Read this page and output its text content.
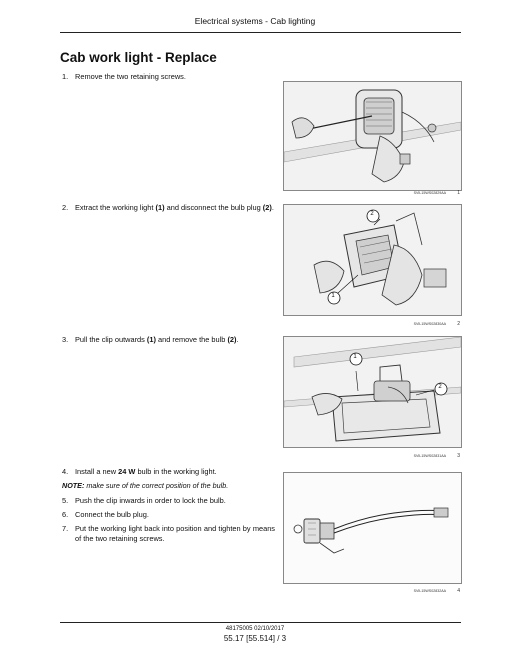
Electrical systems - Cab lighting
Cab work light - Replace
1. Remove the two retaining screws.
SVIL15WS02829AA	1
2. Extract the working light (1) and disconnect the bulb plug (2).
2
1
SVIL15WS02830AA	2
3. Pull the clip outwards (1) and remove the bulb (2).
1
2
SVIL15WS02831AA	3
4. Install a new 24 W bulb in the working light.
NOTE: make sure of the correct position of the bulb.
5. Push the clip inwards in order to lock the bulb.
6. Connect the bulb plug.
7. Put the working light back into position and tighten by means of the two retaining screws.
SVIL15WS02832AA	4
48175005 02/10/2017
55.17 [55.514] / 3
